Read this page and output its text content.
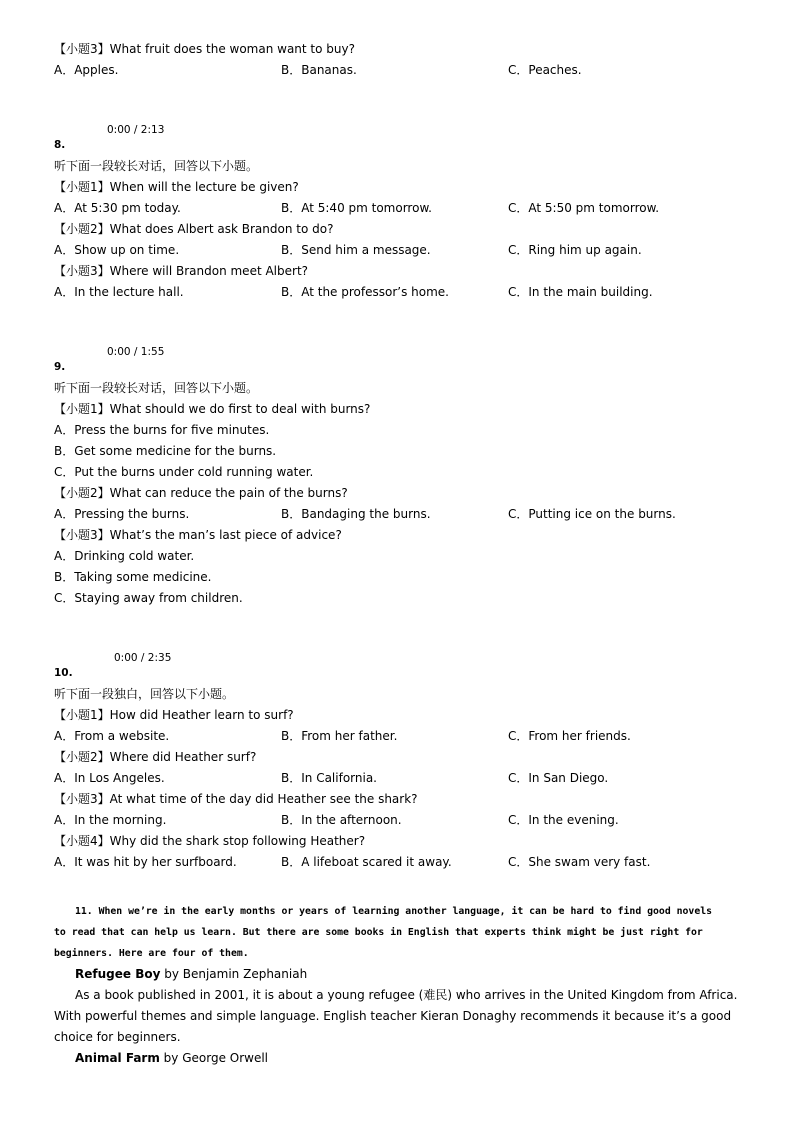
【小题3】What fruit does the woman want to buy?
A．Apples.	B．Bananas.	C．Peaches.
0:00 / 2:13
8.
听下面一段较长对话，回答以下小题。
【小题1】When will the lecture be given?
A．At 5:30 pm today.	B．At 5:40 pm tomorrow.	C．At 5:50 pm tomorrow.
【小题2】What does Albert ask Brandon to do?
A．Show up on time.	B．Send him a message.	C．Ring him up again.
【小题3】Where will Brandon meet Albert?
A．In the lecture hall.	B．At the professor’s home.	C．In the main building.
0:00 / 1:55
9.
听下面一段较长对话，回答以下小题。
【小题1】What should we do first to deal with burns?
A．Press the burns for five minutes.
B．Get some medicine for the burns.
C．Put the burns under cold running water.
【小题2】What can reduce the pain of the burns?
A．Pressing the burns.	B．Bandaging the burns.	C．Putting ice on the burns.
【小题3】What’s the man’s last piece of advice?
A．Drinking cold water.
B．Taking some medicine.
C．Staying away from children.
0:00 / 2:35
10.
听下面一段独白，回答以下小题。
【小题1】How did Heather learn to surf?
A．From a website.	B．From her father.	C．From her friends.
【小题2】Where did Heather surf?
A．In Los Angeles.	B．In California.	C．In San Diego.
【小题3】At what time of the day did Heather see the shark?
A．In the morning.	B．In the afternoon.	C．In the evening.
【小题4】Why did the shark stop following Heather?
A．It was hit by her surfboard.	B．A lifeboat scared it away.	C．She swam very fast.
11. When we’re in the early months or years of learning another language, it can be hard to find good novels
to read that can help us learn. But there are some books in English that experts think might be just right for
beginners. Here are four of them.
Refugee Boy by Benjamin Zephaniah
As a book published in 2001, it is about a young refugee (难民) who arrives in the United Kingdom from Africa. With powerful themes and simple language. English teacher Kieran Donaghy recommends it because it’s a good choice for beginners.
Animal Farm by George Orwell
